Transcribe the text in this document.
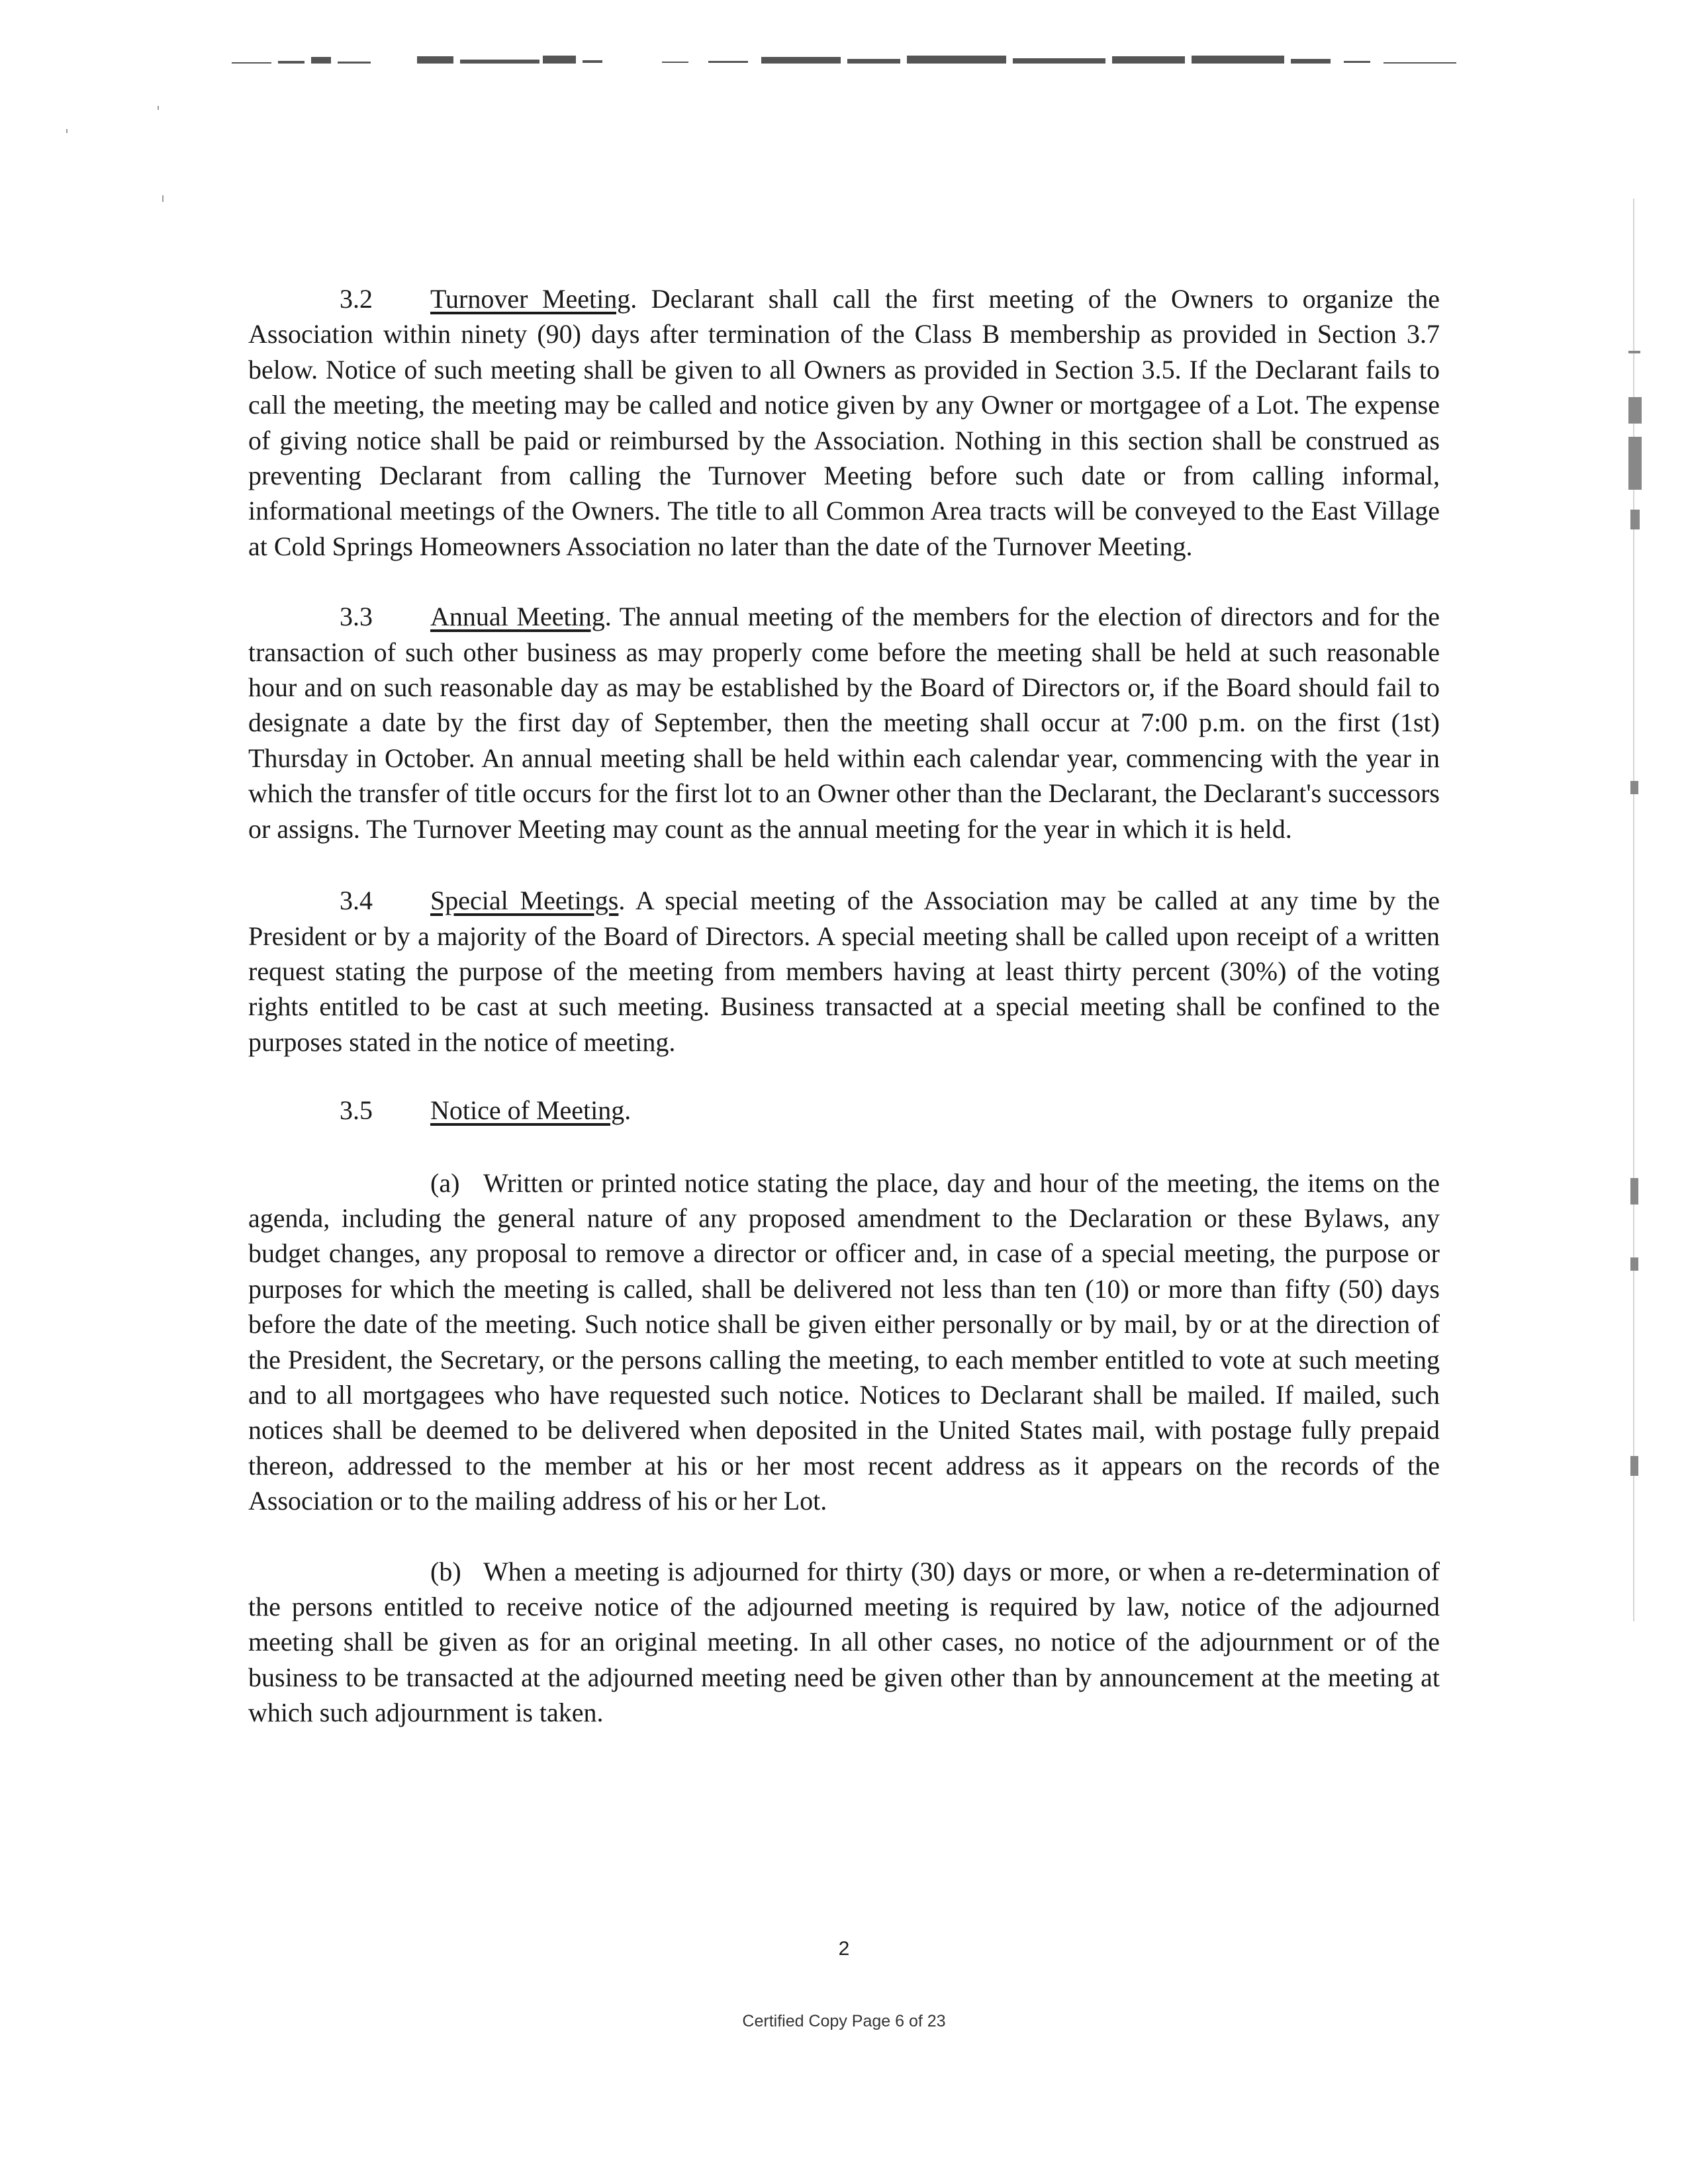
3.2 Turnover Meeting. Declarant shall call the first meeting of the Owners to organize the Association within ninety (90) days after termination of the Class B membership as provided in Section 3.7 below. Notice of such meeting shall be given to all Owners as provided in Section 3.5. If the Declarant fails to call the meeting, the meeting may be called and notice given by any Owner or mortgagee of a Lot. The expense of giving notice shall be paid or reimbursed by the Association. Nothing in this section shall be construed as preventing Declarant from calling the Turnover Meeting before such date or from calling informal, informational meetings of the Owners. The title to all Common Area tracts will be conveyed to the East Village at Cold Springs Homeowners Association no later than the date of the Turnover Meeting.

3.3 Annual Meeting. The annual meeting of the members for the election of directors and for the transaction of such other business as may properly come before the meeting shall be held at such reasonable hour and on such reasonable day as may be established by the Board of Directors or, if the Board should fail to designate a date by the first day of September, then the meeting shall occur at 7:00 p.m. on the first (1st) Thursday in October. An annual meeting shall be held within each calendar year, commencing with the year in which the transfer of title occurs for the first lot to an Owner other than the Declarant, the Declarant's successors or assigns. The Turnover Meeting may count as the annual meeting for the year in which it is held.

3.4 Special Meetings. A special meeting of the Association may be called at any time by the President or by a majority of the Board of Directors. A special meeting shall be called upon receipt of a written request stating the purpose of the meeting from members having at least thirty percent (30%) of the voting rights entitled to be cast at such meeting. Business transacted at a special meeting shall be confined to the purposes stated in the notice of meeting.

3.5 Notice of Meeting.

(a) Written or printed notice stating the place, day and hour of the meeting, the items on the agenda, including the general nature of any proposed amendment to the Declaration or these Bylaws, any budget changes, any proposal to remove a director or officer and, in case of a special meeting, the purpose or purposes for which the meeting is called, shall be delivered not less than ten (10) or more than fifty (50) days before the date of the meeting. Such notice shall be given either personally or by mail, by or at the direction of the President, the Secretary, or the persons calling the meeting, to each member entitled to vote at such meeting and to all mortgagees who have requested such notice. Notices to Declarant shall be mailed. If mailed, such notices shall be deemed to be delivered when deposited in the United States mail, with postage fully prepaid thereon, addressed to the member at his or her most recent address as it appears on the records of the Association or to the mailing address of his or her Lot.

(b) When a meeting is adjourned for thirty (30) days or more, or when a re-determination of the persons entitled to receive notice of the adjourned meeting is required by law, notice of the adjourned meeting shall be given as for an original meeting. In all other cases, no notice of the adjournment or of the business to be transacted at the adjourned meeting need be given other than by announcement at the meeting at which such adjournment is taken.

2
Certified Copy Page 6 of 23
